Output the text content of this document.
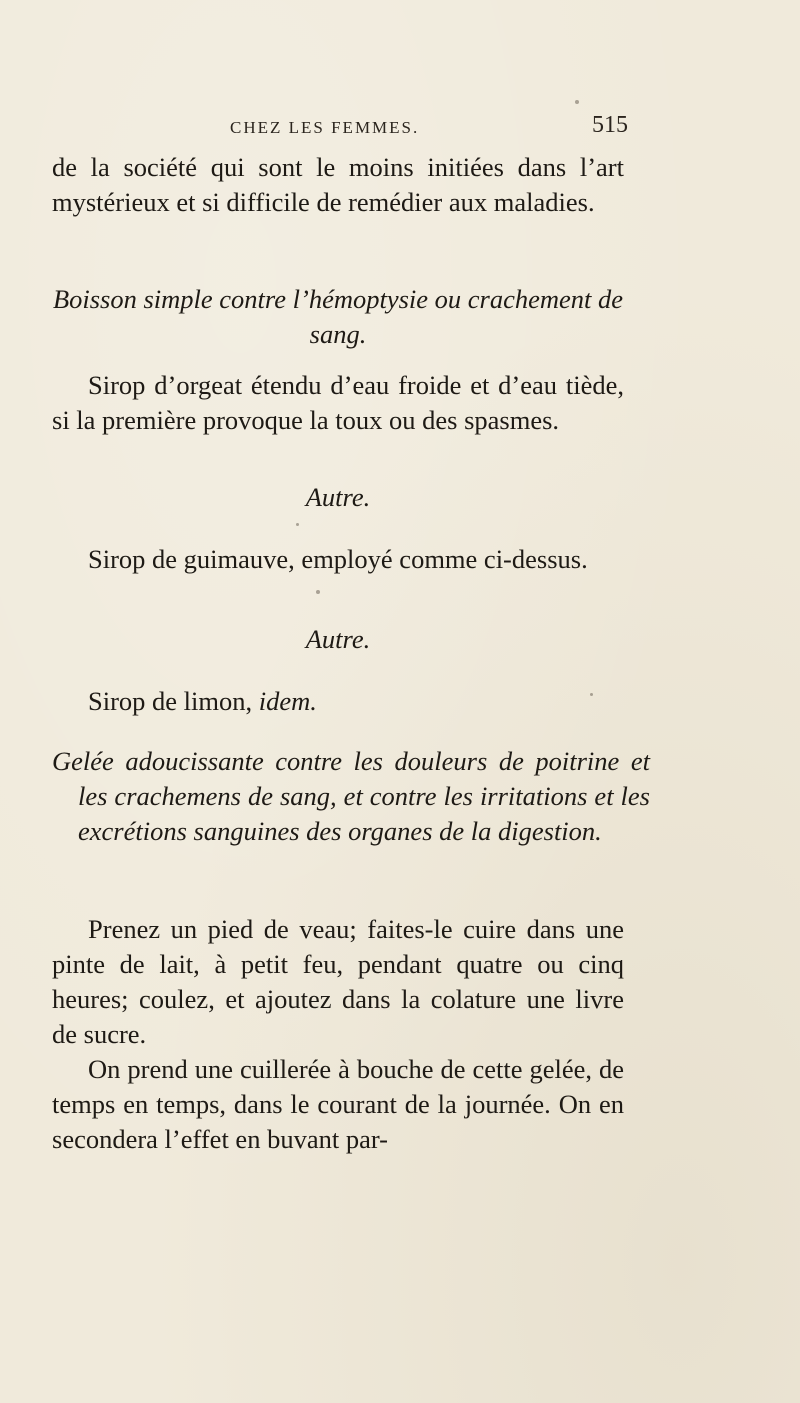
CHEZ LES FEMMES.	515

de la société qui sont le moins initiées dans l’art mystérieux et si difficile de remédier aux maladies.

Boisson simple contre l’hémoptysie ou crachement de sang.

Sirop d’orgeat étendu d’eau froide et d’eau tiède, si la première provoque la toux ou des spasmes.

Autre.

Sirop de guimauve, employé comme ci-dessus.

Autre.

Sirop de limon, idem.

Gelée adoucissante contre les douleurs de poitrine et les crachemens de sang, et contre les irritations et les excrétions sanguines des organes de la digestion.

Prenez un pied de veau; faites-le cuire dans une pinte de lait, à petit feu, pendant quatre ou cinq heures; coulez, et ajoutez dans la colature une livre de sucre.

On prend une cuillerée à bouche de cette gelée, de temps en temps, dans le courant de la journée. On en secondera l’effet en buvant par-
